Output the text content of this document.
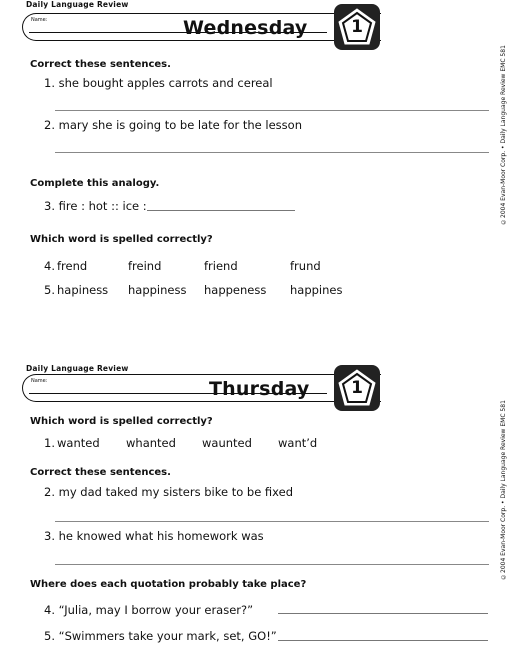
Daily Language Review
Name:	Wednesday	1
©2004 Evan-Moor Corp. • Daily Language Review EMC 581
Correct these sentences.
1. she bought apples carrots and cereal
2. mary she is going to be late for the lesson
Complete this analogy.
3. fire : hot :: ice :
Which word is spelled correctly?
4. frend	freind	friend	frund
5. hapiness happiness happeness happines
Daily Language Review
Name:	Thursday	1
©2004 Evan-Moor Corp. • Daily Language Review EMC 581
Which word is spelled correctly?
1. wanted whanted waunted want’d
Correct these sentences.
2. my dad taked my sisters bike to be fixed
3. he knowed what his homework was
Where does each quotation probably take place?
4. “Julia, may I borrow your eraser?”
5. “Swimmers take your mark, set, GO!”
